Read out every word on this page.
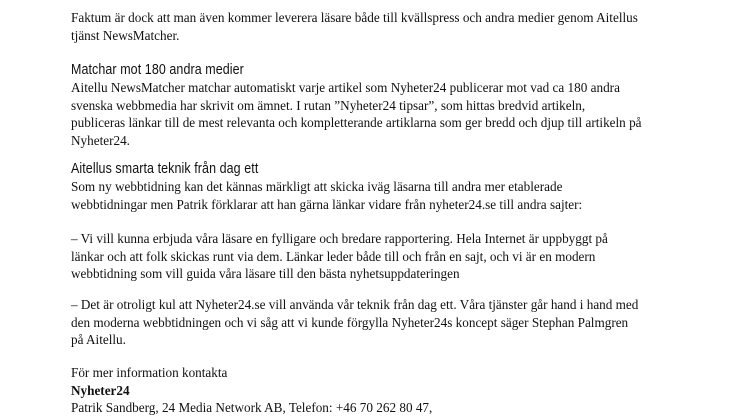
Faktum är dock att man även kommer leverera läsare både till kvällspress och andra medier genom Aitellus
tjänst NewsMatcher.

Matchar mot 180 andra medier

Aitellu NewsMatcher matchar automatiskt varje artikel som Nyheter24 publicerar mot vad ca 180 andra
svenska webbmedia har skrivit om ämnet. I rutan ”Nyheter24 tipsar”, som hittas bredvid artikeln,
publiceras länkar till de mest relevanta och kompletterande artiklarna som ger bredd och djup till artikeln på
Nyheter24.

Aitellus smarta teknik från dag ett

Som ny webbtidning kan det kännas märkligt att skicka iväg läsarna till andra mer etablerade
webbtidningar men Patrik förklarar att han gärna länkar vidare från nyheter24.se till andra sajter:

– Vi vill kunna erbjuda våra läsare en fylligare och bredare rapportering. Hela Internet är uppbyggt på
länkar och att folk skickas runt via dem. Länkar leder både till och från en sajt, och vi är en modern
webbtidning som vill guida våra läsare till den bästa nyhetsuppdateringen

– Det är otroligt kul att Nyheter24.se vill använda vår teknik från dag ett. Våra tjänster går hand i hand med
den moderna webbtidningen och vi såg att vi kunde förgylla Nyheter24s koncept säger Stephan Palmgren
på Aitellu.

För mer information kontakta
Nyheter24
Patrik Sandberg, 24 Media Network AB, Telefon: +46 70 262 80 47,
